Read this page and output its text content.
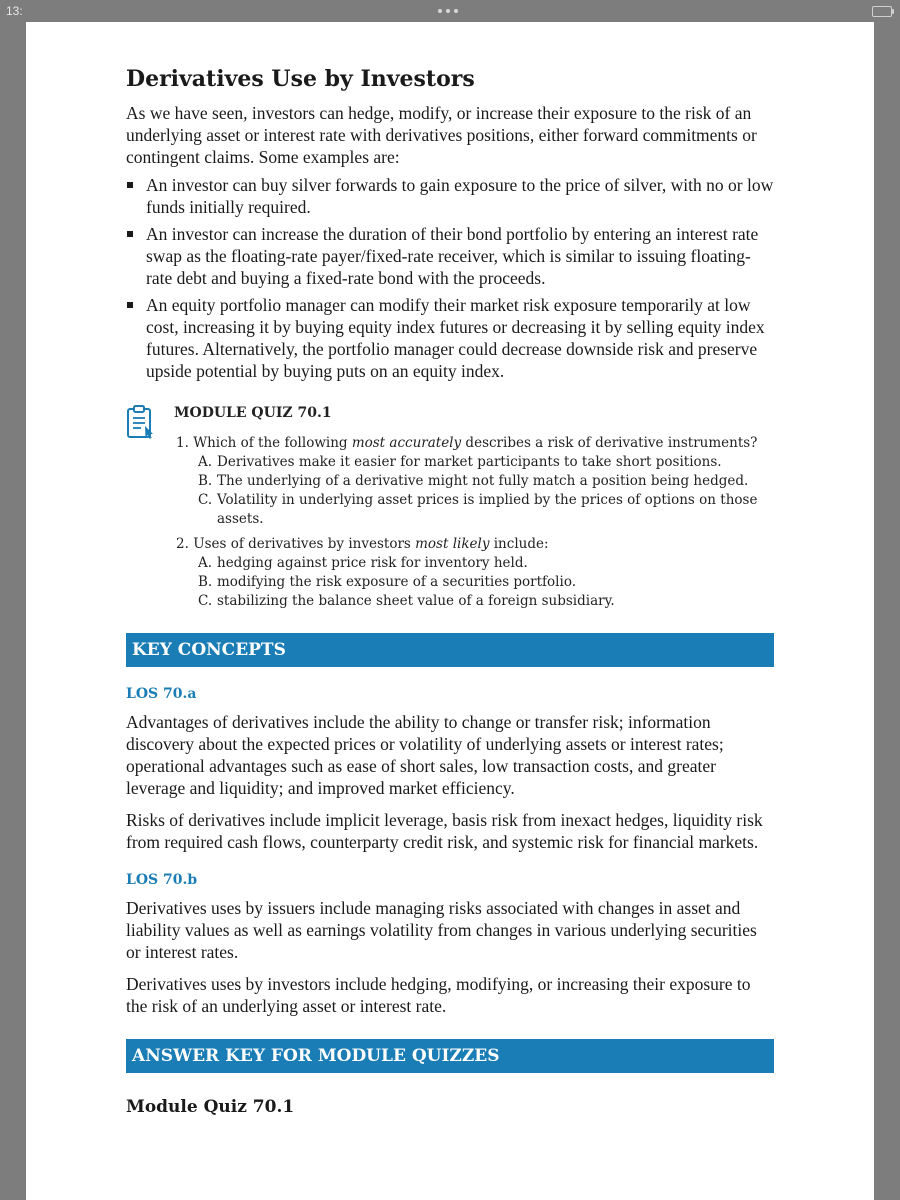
13:
Derivatives Use by Investors

As we have seen, investors can hedge, modify, or increase their exposure to the risk of an underlying asset or interest rate with derivatives positions, either forward commitments or contingent claims. Some examples are:

An investor can buy silver forwards to gain exposure to the price of silver, with no or low funds initially required.
An investor can increase the duration of their bond portfolio by entering an interest rate swap as the floating-rate payer/fixed-rate receiver, which is similar to issuing floating-rate debt and buying a fixed-rate bond with the proceeds.
An equity portfolio manager can modify their market risk exposure temporarily at low cost, increasing it by buying equity index futures or decreasing it by selling equity index futures. Alternatively, the portfolio manager could decrease downside risk and preserve upside potential by buying puts on an equity index.
MODULE QUIZ 70.1

1. Which of the following most accurately describes a risk of derivative instruments?

A. Derivatives make it easier for market participants to take short positions.
B. The underlying of a derivative might not fully match a position being hedged.
C. Volatility in underlying asset prices is implied by the prices of options on those assets.

2. Uses of derivatives by investors most likely include:

A. hedging against price risk for inventory held.
B. modifying the risk exposure of a securities portfolio.
C. stabilizing the balance sheet value of a foreign subsidiary.
KEY CONCEPTS
LOS 70.a

Advantages of derivatives include the ability to change or transfer risk; information discovery about the expected prices or volatility of underlying assets or interest rates; operational advantages such as ease of short sales, low transaction costs, and greater leverage and liquidity; and improved market efficiency.

Risks of derivatives include implicit leverage, basis risk from inexact hedges, liquidity risk from required cash flows, counterparty credit risk, and systemic risk for financial markets.

LOS 70.b

Derivatives uses by issuers include managing risks associated with changes in asset and liability values as well as earnings volatility from changes in various underlying securities or interest rates.

Derivatives uses by investors include hedging, modifying, or increasing their exposure to the risk of an underlying asset or interest rate.

ANSWER KEY FOR MODULE QUIZZES
Module Quiz 70.1
